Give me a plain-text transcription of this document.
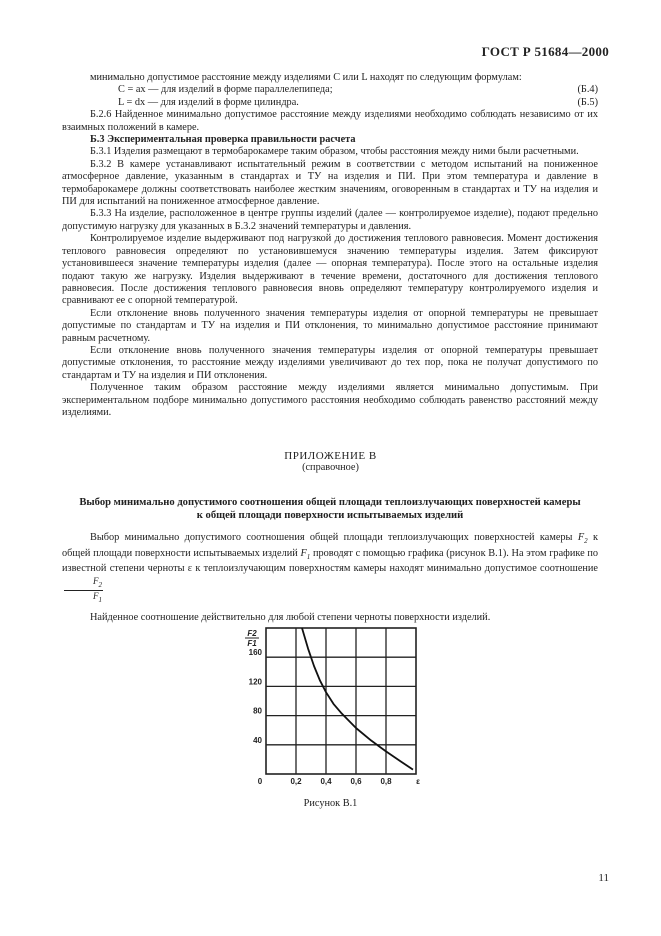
ГОСТ Р 51684—2000

минимально допустимое расстояние между изделиями C или L находят по следующим формулам:

C = ax — для изделий в форме параллелепипеда;	(Б.4)
L = dx — для изделий в форме цилиндра.	(Б.5)

Б.2.6 Найденное минимально допустимое расстояние между изделиями необходимо соблюдать независимо от их взаимных положений в камере.

Б.3 Экспериментальная проверка правильности расчета

Б.3.1 Изделия размещают в термобарокамере таким образом, чтобы расстояния между ними были расчетными.

Б.3.2 В камере устанавливают испытательный режим в соответствии с методом испытаний на пониженное атмосферное давление, указанным в стандартах и ТУ на изделия и ПИ. При этом температура и давление в термобарокамере должны соответствовать наиболее жестким значениям, оговоренным в стандартах и ТУ на изделия и ПИ для испытаний на пониженное атмосферное давление.

Б.3.3 На изделие, расположенное в центре группы изделий (далее — контролируемое изделие), подают предельно допустимую нагрузку для указанных в Б.3.2 значений температуры и давления.

Контролируемое изделие выдерживают под нагрузкой до достижения теплового равновесия. Момент достижения теплового равновесия определяют по установившемуся значению температуры изделия. Затем фиксируют установившееся значение температуры изделия (далее — опорная температура). После этого на остальные изделия подают такую же нагрузку. Изделия выдерживают в течение времени, достаточного для достижения теплового равновесия. После достижения теплового равновесия вновь определяют температуру контролируемого изделия и сравнивают ее с опорной температурой.

Если отклонение вновь полученного значения температуры изделия от опорной температуры не превышает допустимые по стандартам и ТУ на изделия и ПИ отклонения, то минимально допустимое расстояние принимают равным расчетному.

Если отклонение вновь полученного значения температуры изделия от опорной температуры превышает допустимые отклонения, то расстояние между изделиями увеличивают до тех пор, пока не получат допустимого по стандартам и ТУ на изделия и ПИ отклонения.

Полученное таким образом расстояние между изделиями является минимально допустимым. При экспериментальном подборе минимально допустимого расстояния необходимо соблюдать равенство расстояний между изделиями.

ПРИЛОЖЕНИЕ В
(справочное)
Выбор минимально допустимого соотношения общей площади теплоизлучающих поверхностей камеры
к общей площади поверхности испытываемых изделий

Выбор минимально допустимого соотношения общей площади теплоизлучающих поверхностей камеры $F_2$ к общей площади поверхности испытываемых изделий $F_1$ проводят с помощью графика (рисунок В.1). На этом графике по известной степени черноты ε к теплоизлучающим поверхностям камеры находят минимально допустимое соотношение
$\frac{F_2}{F_1}$

Найденное соотношение действительно для любой степени черноты поверхности изделий.

40
80
120
160
0	0,2 0,4 0,6 0,8	ε
F2
F1
Рисунок В.1
11
